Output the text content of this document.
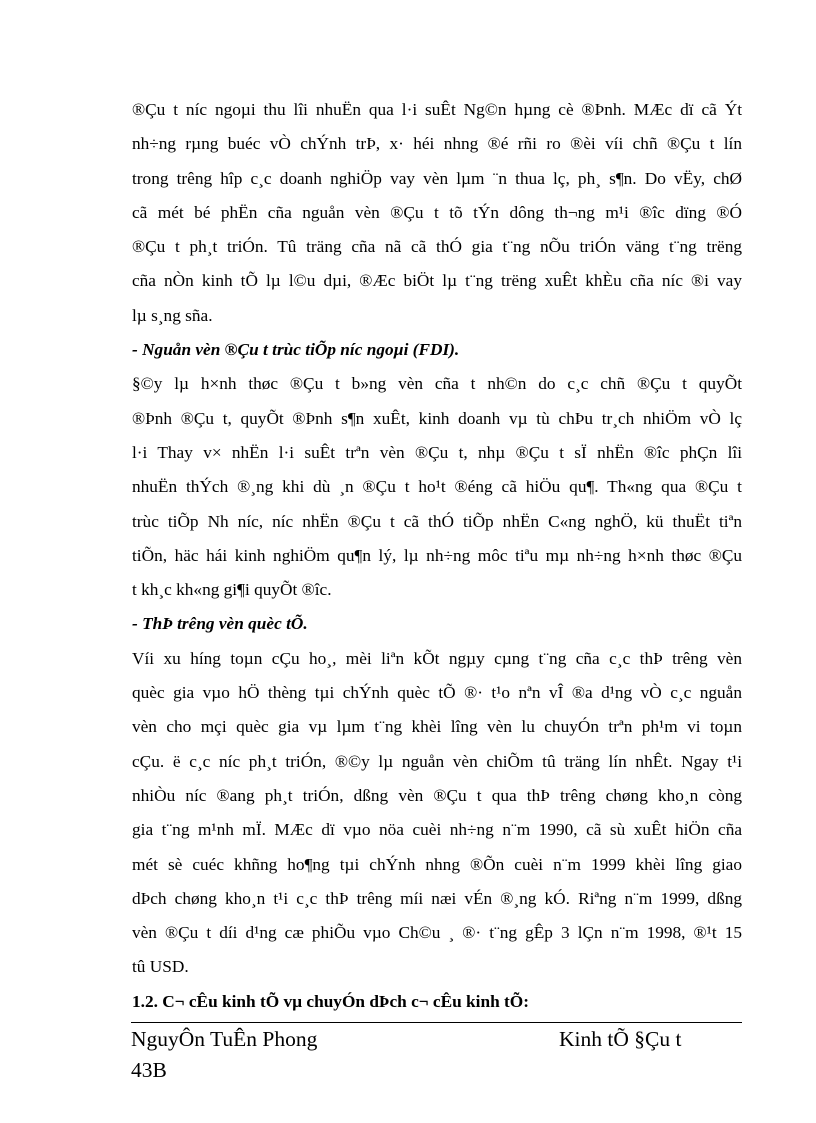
®Çu t níc ngoµi thu lîi nhuËn qua l·i suÊt Ng©n hµng cè ®Þnh. MÆc dï cã Ýt
nh÷ng rµng buéc vÒ chÝnh trÞ, x· héi nhng ®é rñi ro ®èi víi chñ ®Çu t lín
trong trêng hîp c¸c doanh nghiÖp vay vèn lµm ¨n thua lç, ph¸ s¶n. Do vËy, chØ
cã mét bé phËn cña nguån vèn ®Çu t tõ tÝn dông th¬ng m¹i ®îc dïng ®Ó
®Çu t ph¸t triÓn. Tû träng cña nã cã thÓ gia t¨ng nÕu triÓn väng t¨ng trëng
cña nÒn kinh tÕ lµ l©u dµi, ®Æc biÖt lµ t¨ng trëng xuÊt khÈu cña níc ®i vay
lµ s¸ng sña.
- Nguån vèn ®Çu t trùc tiÕp níc ngoµi (FDI).
§©y lµ h×nh thøc ®Çu t b»ng vèn cña t nh©n do c¸c chñ ®Çu t quyÕt
®Þnh ®Çu t, quyÕt ®Þnh s¶n xuÊt, kinh doanh vµ tù chÞu tr¸ch nhiÖm vÒ lç
l·i Thay v× nhËn l·i suÊt trªn vèn ®Çu t, nhµ ®Çu t sÏ nhËn ®îc phÇn lîi
nhuËn thÝch ®¸ng khi dù ¸n ®Çu t ho¹t ®éng cã hiÖu qu¶. Th«ng qua ®Çu t
trùc tiÕp Nh níc, níc nhËn ®Çu t cã thÓ tiÕp nhËn C«ng nghÖ, kü thuËt tiªn
tiÕn, häc hái kinh nghiÖm qu¶n lý, lµ nh÷ng môc tiªu mµ nh÷ng h×nh thøc ®Çu
t kh¸c kh«ng gi¶i quyÕt ®îc.
- ThÞ trêng vèn quèc tÕ.
Víi xu híng toµn cÇu ho¸, mèi liªn kÕt ngµy cµng t¨ng cña c¸c thÞ trêng vèn
quèc gia vµo hÖ thèng tµi chÝnh quèc tÕ ®· t¹o nªn vÎ ®a d¹ng vÒ c¸c nguån
vèn cho mçi quèc gia vµ lµm t¨ng khèi lîng vèn lu chuyÓn trªn ph¹m vi toµn
cÇu. ë c¸c níc ph¸t triÓn, ®©y lµ nguån vèn chiÕm tû träng lín nhÊt. Ngay t¹i
nhiÒu níc ®ang ph¸t triÓn, dßng vèn ®Çu t qua thÞ trêng chøng kho¸n còng
gia t¨ng m¹nh mÏ. MÆc dï vµo nöa cuèi nh÷ng n¨m 1990, cã sù xuÊt hiÖn cña
mét sè cuéc khñng ho¶ng tµi chÝnh nhng ®Õn cuèi n¨m 1999 khèi lîng giao
dÞch chøng kho¸n t¹i c¸c thÞ trêng míi næi vÉn ®¸ng kÓ. Riªng n¨m 1999, dßng
vèn ®Çu t díi d¹ng cæ phiÕu vµo Ch©u ¸ ®· t¨ng gÊp 3 lÇn n¨m 1998, ®¹t 15
tû USD.
1.2. C¬ cÊu kinh tÕ vµ chuyÓn dÞch c¬ cÊu kinh tÕ:
NguyÔn TuÊn Phong	Kinh tÕ §Çu t
43B
